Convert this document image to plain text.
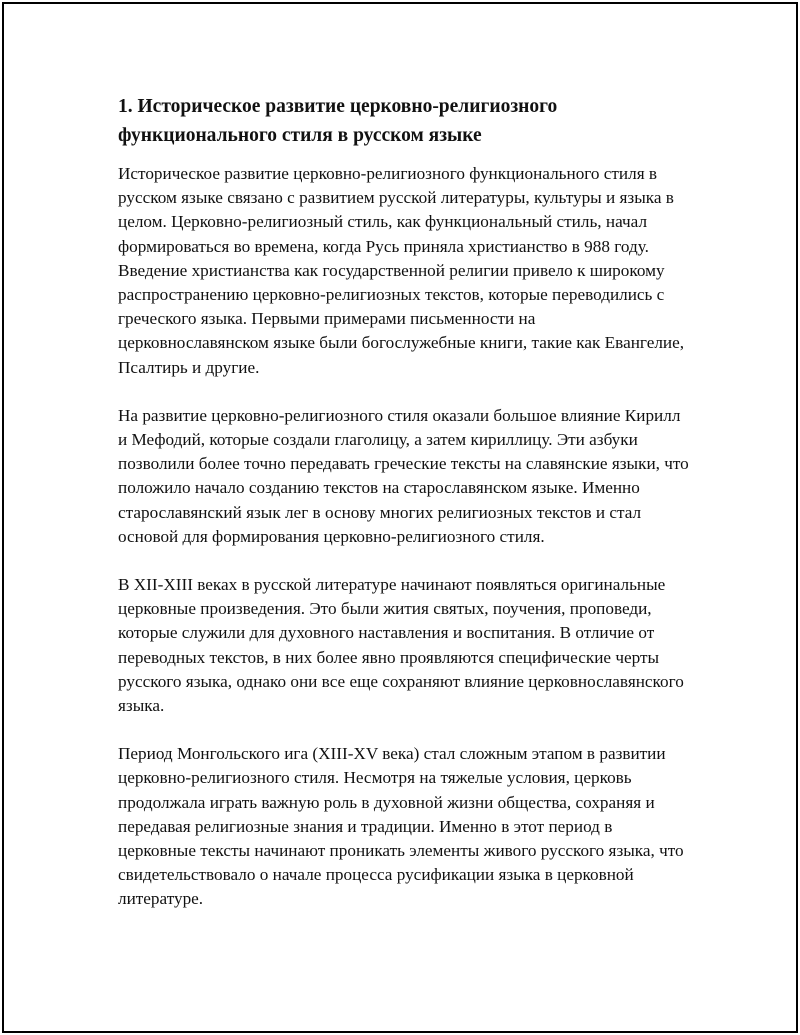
1. Историческое развитие церковно-религиозного функционального стиля в русском языке

Историческое развитие церковно-религиозного функционального стиля в русском языке связано с развитием русской литературы, культуры и языка в целом. Церковно-религиозный стиль, как функциональный стиль, начал формироваться во времена, когда Русь приняла христианство в 988 году. Введение христианства как государственной религии привело к широкому распространению церковно-религиозных текстов, которые переводились с греческого языка. Первыми примерами письменности на церковнославянском языке были богослужебные книги, такие как Евангелие, Псалтирь и другие.

На развитие церковно-религиозного стиля оказали большое влияние Кирилл и Мефодий, которые создали глаголицу, а затем кириллицу. Эти азбуки позволили более точно передавать греческие тексты на славянские языки, что положило начало созданию текстов на старославянском языке. Именно старославянский язык лег в основу многих религиозных текстов и стал основой для формирования церковно-религиозного стиля.

В XII-XIII веках в русской литературе начинают появляться оригинальные церковные произведения. Это были жития святых, поучения, проповеди, которые служили для духовного наставления и воспитания. В отличие от переводных текстов, в них более явно проявляются специфические черты русского языка, однако они все еще сохраняют влияние церковнославянского языка.

Период Монгольского ига (XIII-XV века) стал сложным этапом в развитии церковно-религиозного стиля. Несмотря на тяжелые условия, церковь продолжала играть важную роль в духовной жизни общества, сохраняя и передавая религиозные знания и традиции. Именно в этот период в церковные тексты начинают проникать элементы живого русского языка, что свидетельствовало о начале процесса русификации языка в церковной литературе.
